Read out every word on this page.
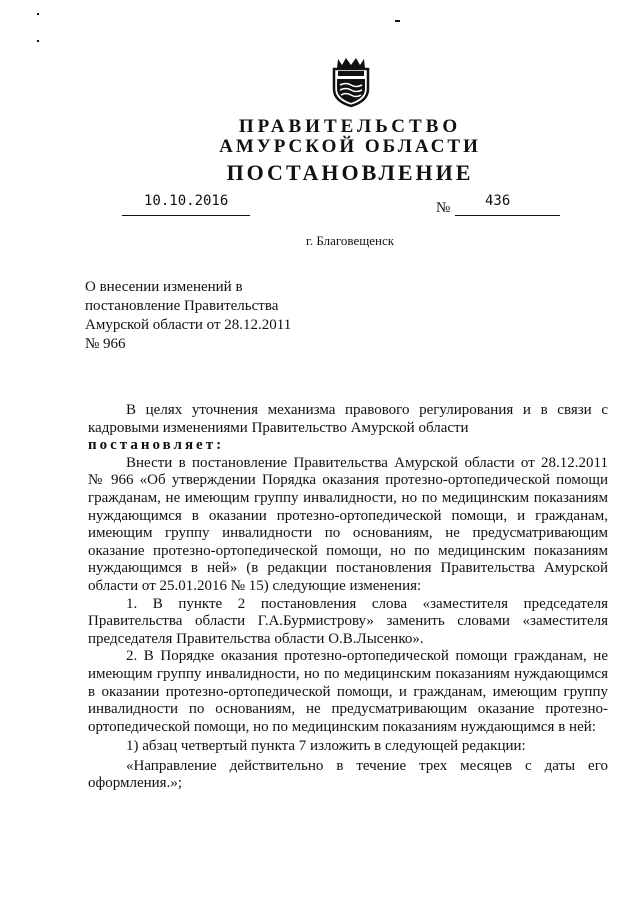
ПРАВИТЕЛЬСТВО
АМУРСКОЙ ОБЛАСТИ
ПОСТАНОВЛЕНИЕ
10.10.2016	№ 436
г. Благовещенск
О внесении изменений в
постановление Правительства
Амурской области от 28.12.2011
№ 966

В целях уточнения механизма правового регулирования и в связи с кадровыми изменениями Правительство Амурской области

постановляет:

Внести в постановление Правительства Амурской области от 28.12.2011 № 966 «Об утверждении Порядка оказания протезно-ортопедической помощи гражданам, не имеющим группу инвалидности, но по медицинским показаниям нуждающимся в оказании протезно-ортопедической помощи, и гражданам, имеющим группу инвалидности по основаниям, не предусматривающим оказание протезно-ортопедической помощи, но по медицинским показаниям нуждающимся в ней» (в редакции постановления Правительства Амурской области от 25.01.2016 № 15) следующие изменения:

1. В пункте 2 постановления слова «заместителя председателя Правительства области Г.А.Бурмистрову» заменить словами «заместителя председателя Правительства области О.В.Лысенко».

2. В Порядке оказания протезно-ортопедической помощи гражданам, не имеющим группу инвалидности, но по медицинским показаниям нуждающимся в оказании протезно-ортопедической помощи, и гражданам, имеющим группу инвалидности по основаниям, не предусматривающим оказание протезно-ортопедической помощи, но по медицинским показаниям нуждающимся в ней:

1) абзац четвертый пункта 7 изложить в следующей редакции:

«Направление действительно в течение трех месяцев с даты его оформления.»;
